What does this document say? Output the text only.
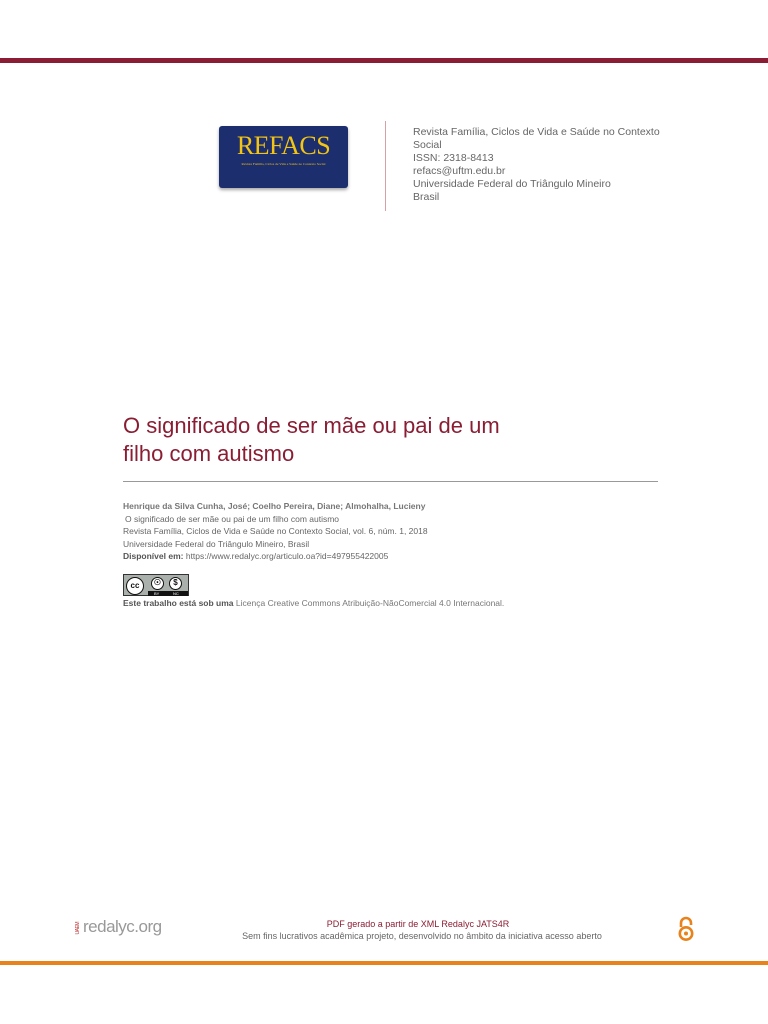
REFACS
Revista Família, Ciclos de Vida e Saúde no Contexto Social
Revista Família, Ciclos de Vida e Saúde no Contexto
Social
ISSN: 2318-8413
refacs@uftm.edu.br
Universidade Federal do Triângulo Mineiro
Brasil
O significado de ser mãe ou pai de um
filho com autismo
Henrique da Silva Cunha, José; Coelho Pereira, Diane; Almohalha, Lucieny
O significado de ser mãe ou pai de um filho com autismo
Revista Família, Ciclos de Vida e Saúde no Contexto Social, vol. 6, núm. 1, 2018
Universidade Federal do Triângulo Mineiro, Brasil
Disponível em: https://www.redalyc.org/articulo.oa?id=497955422005
cc	☉	$
BY	NC
Este trabalho está sob uma Licença Creative Commons Atribuição-NãoComercial 4.0 Internacional.
UAEM redalyc.org	PDF gerado a partir de XML Redalyc JATS4R
Sem fins lucrativos acadêmica projeto, desenvolvido no âmbito da iniciativa acesso aberto
